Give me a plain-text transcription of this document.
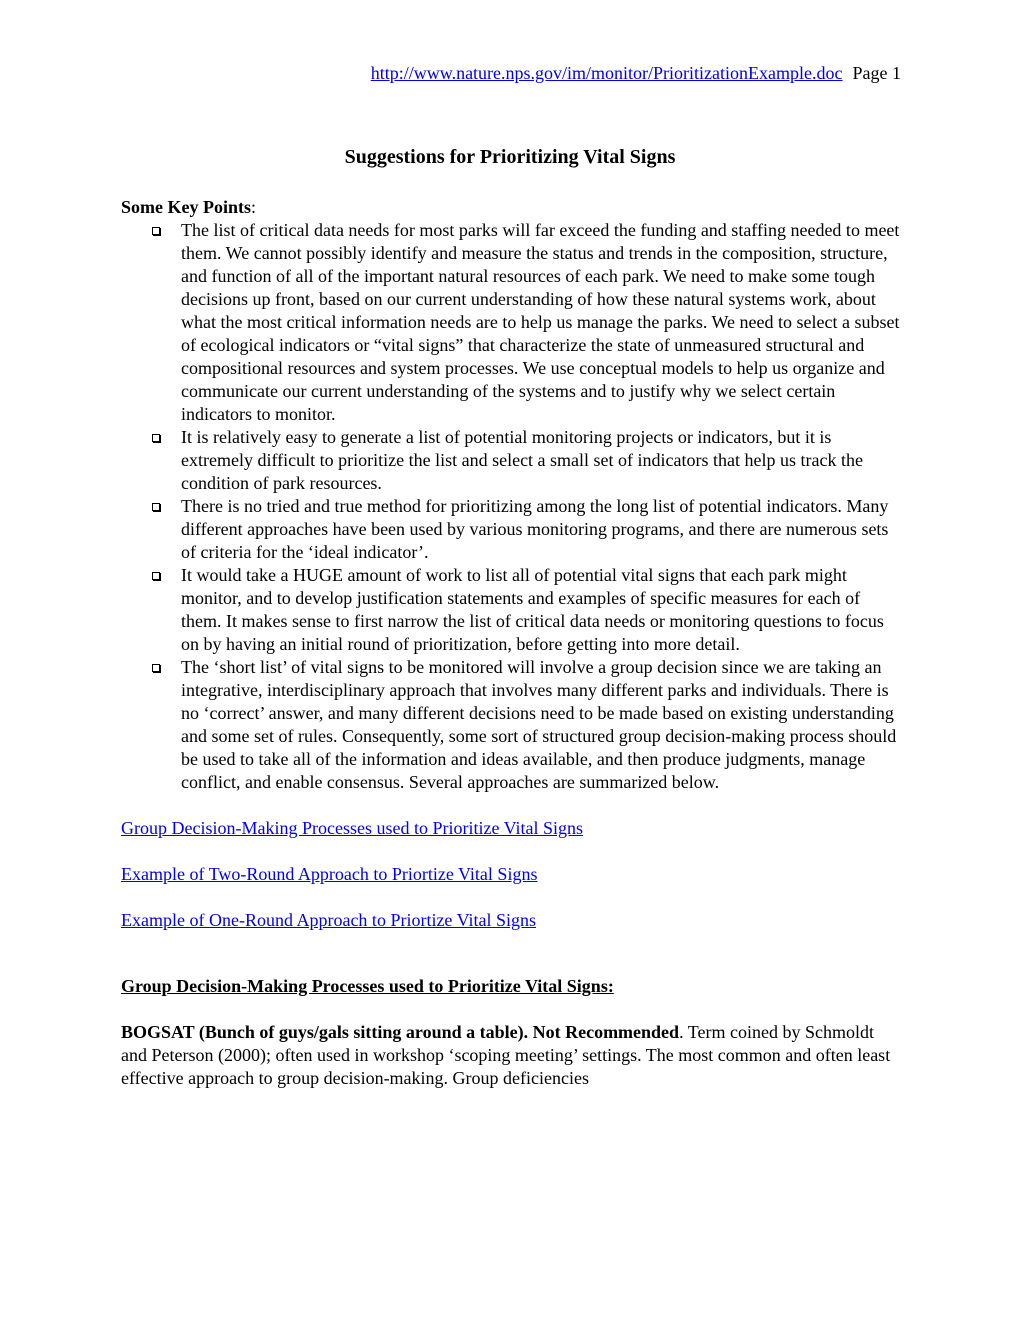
http://www.nature.nps.gov/im/monitor/PrioritizationExample.doc Page 1
Suggestions for Prioritizing Vital Signs
Some Key Points:
The list of critical data needs for most parks will far exceed the funding and staffing needed to meet them. We cannot possibly identify and measure the status and trends in the composition, structure, and function of all of the important natural resources of each park. We need to make some tough decisions up front, based on our current understanding of how these natural systems work, about what the most critical information needs are to help us manage the parks. We need to select a subset of ecological indicators or “vital signs” that characterize the state of unmeasured structural and compositional resources and system processes. We use conceptual models to help us organize and communicate our current understanding of the systems and to justify why we select certain indicators to monitor.
It is relatively easy to generate a list of potential monitoring projects or indicators, but it is extremely difficult to prioritize the list and select a small set of indicators that help us track the condition of park resources.
There is no tried and true method for prioritizing among the long list of potential indicators. Many different approaches have been used by various monitoring programs, and there are numerous sets of criteria for the ‘ideal indicator’.
It would take a HUGE amount of work to list all of potential vital signs that each park might monitor, and to develop justification statements and examples of specific measures for each of them. It makes sense to first narrow the list of critical data needs or monitoring questions to focus on by having an initial round of prioritization, before getting into more detail.
The ‘short list’ of vital signs to be monitored will involve a group decision since we are taking an integrative, interdisciplinary approach that involves many different parks and individuals. There is no ‘correct’ answer, and many different decisions need to be made based on existing understanding and some set of rules. Consequently, some sort of structured group decision-making process should be used to take all of the information and ideas available, and then produce judgments, manage conflict, and enable consensus. Several approaches are summarized below.

Group Decision-Making Processes used to Prioritize Vital Signs

Example of Two-Round Approach to Priortize Vital Signs

Example of One-Round Approach to Priortize Vital Signs

Group Decision-Making Processes used to Prioritize Vital Signs:
BOGSAT (Bunch of guys/gals sitting around a table). Not Recommended. Term coined by Schmoldt and Peterson (2000); often used in workshop ‘scoping meeting’ settings. The most common and often least effective approach to group decision-making. Group deficiencies
